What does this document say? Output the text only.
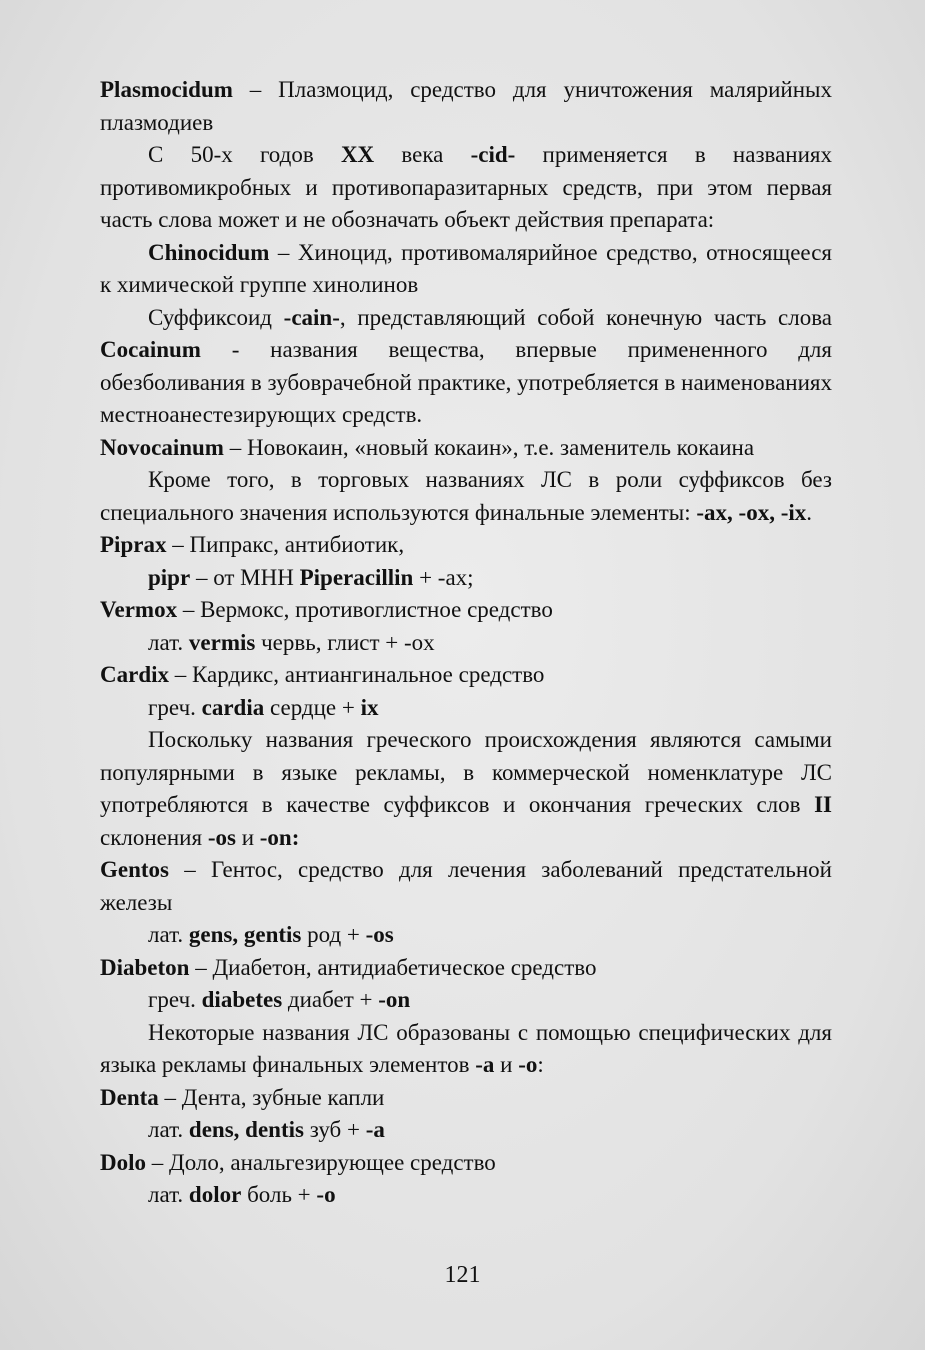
Plasmocidum – Плазмоцид, средство для уничтожения малярийных плазмодиев

С 50-х годов XX века -cid- применяется в названиях противомикробных и противопаразитарных средств, при этом первая часть слова может и не обозначать объект действия препарата:

Chinocidum – Хиноцид, противомалярийное средство, относящееся к химической группе хинолинов

Суффиксоид -cain-, представляющий собой конечную часть слова Cocainum - названия вещества, впервые примененного для обезболивания в зубоврачебной практике, употребляется в наименованиях местноанестезирующих средств.

Novocainum – Новокаин, «новый кокаин», т.е. заменитель кокаина

Кроме того, в торговых названиях ЛС в роли суффиксов без специального значения используются финальные элементы: -ax, -ox, -ix.

Piprax – Пипракс, антибиотик,

pipr – от МНН Piperacillin + -ax;

Vermox – Вермокс, противоглистное средство

лат. vermis червь, глист + -ox

Cardix – Кардикс, антиангинальное средство

греч. cardia сердце + ix

Поскольку названия греческого происхождения являются самыми популярными в языке рекламы, в коммерческой номенклатуре ЛС употребляются в качестве суффиксов и окончания греческих слов II склонения -os и -on:

Gentos – Гентос, средство для лечения заболеваний предстательной железы

лат. gens, gentis род + -os

Diabeton – Диабетон, антидиабетическое средство

греч. diabetes диабет + -on

Некоторые названия ЛС образованы с помощью специфических для языка рекламы финальных элементов -a и -o:

Denta – Дента, зубные капли

лат. dens, dentis зуб + -a

Dolo – Доло, анальгезирующее средство

лат. dolor боль + -o

121
